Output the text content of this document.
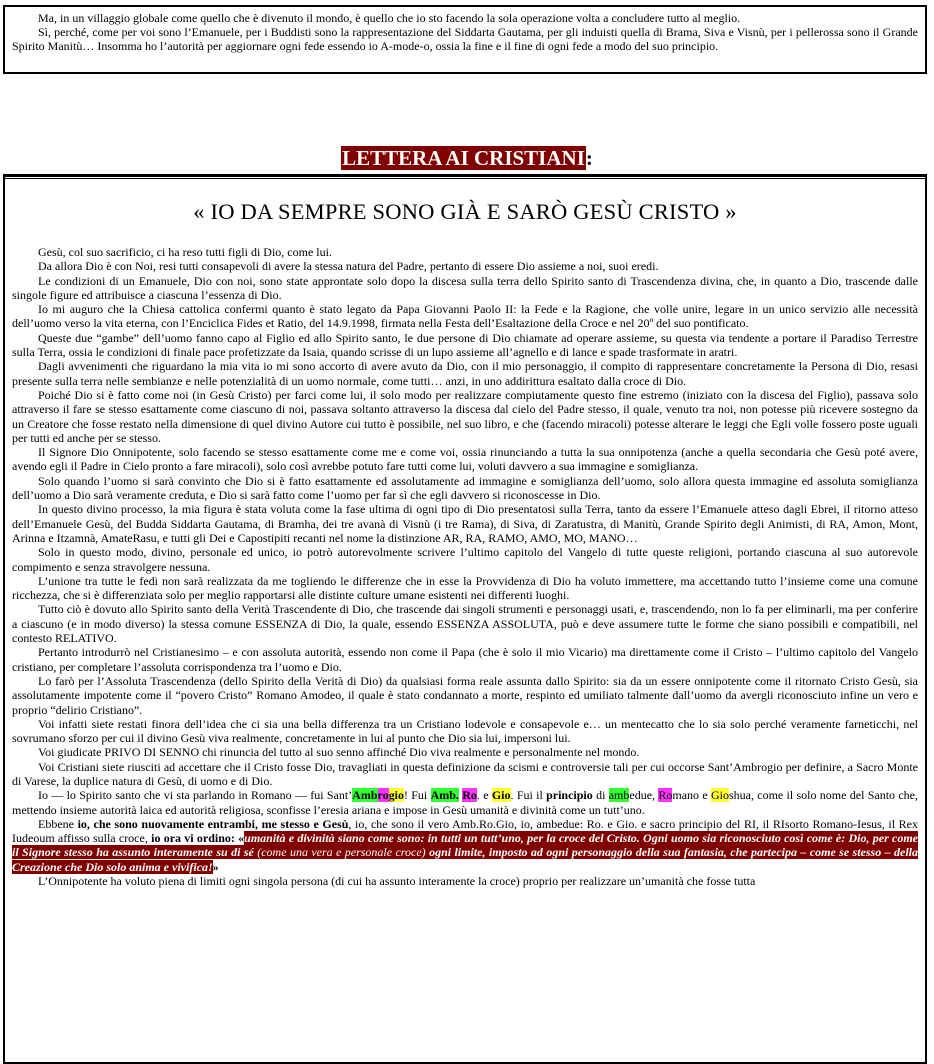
Ma, in un villaggio globale come quello che è divenuto il mondo, è quello che io sto facendo la sola operazione volta a concludere tutto al meglio.

Sì, perché, come per voi sono l’Emanuele, per i Buddisti sono la rappresentazione del Siddarta Gautama, per gli induisti quella di Brama, Siva e Visnù, per i pellerossa sono il Grande Spirito Manitù… Insomma ho l’autorità per aggiornare ogni fede essendo io A-mode-o, ossia la fine e il fine di ogni fede a modo del suo principio.

LETTERA AI CRISTIANI:
« IO DA SEMPRE SONO GIÀ E SARÒ GESÙ CRISTO »

Gesù, col suo sacrificio, ci ha reso tutti figli di Dio, come lui.

Da allora Dio è con Noi, resi tutti consapevoli di avere la stessa natura del Padre, pertanto di essere Dio assieme a noi, suoi eredi.

Le condizioni di un Emanuele, Dio con noi, sono state approntate solo dopo la discesa sulla terra dello Spirito santo di Trascendenza divina, che, in quanto a Dio, trascende dalle singole figure ed attribuisce a ciascuna l’essenza di Dio.

Io mi auguro che la Chiesa cattolica confermi quanto è stato legato da Papa Giovanni Paolo II: la Fede e la Ragione, che volle unire, legare in un unico servizio alle necessità dell’uomo verso la vita eterna, con l’Enciclica Fides et Ratio, del 14.9.1998, firmata nella Festa dell’Esaltazione della Croce e nel 20º del suo pontificato.

Queste due “gambe” dell’uomo fanno capo al Figlio ed allo Spirito santo, le due persone di Dio chiamate ad operare assieme, su questa via tendente a portare il Paradiso Terrestre sulla Terra, ossia le condizioni di finale pace profetizzate da Isaia, quando scrisse di un lupo assieme all’agnello e di lance e spade trasformate in aratri.

Dagli avvenimenti che riguardano la mia vita io mi sono accorto di avere avuto da Dio, con il mio personaggio, il compito di rappresentare concretamente la Persona di Dio, resasi presente sulla terra nelle sembianze e nelle potenzialità di un uomo normale, come tutti… anzi, in uno addirittura esaltato dalla croce di Dio.

Poiché Dio si è fatto come noi (in Gesù Cristo) per farci come lui, il solo modo per realizzare compiutamente questo fine estremo (iniziato con la discesa del Figlio), passava solo attraverso il fare se stesso esattamente come ciascuno di noi, passava soltanto attraverso la discesa dal cielo del Padre stesso, il quale, venuto tra noi, non potesse più ricevere sostegno da un Creatore che fosse restato nella dimensione di quel divino Autore cui tutto è possibile, nel suo libro, e che (facendo miracoli) potesse alterare le leggi che Egli volle fossero poste uguali per tutti ed anche per se stesso.

Il Signore Dio Onnipotente, solo facendo se stesso esattamente come me e come voi, ossia rinunciando a tutta la sua onnipotenza (anche a quella secondaria che Gesù poté avere, avendo egli il Padre in Cielo pronto a fare miracoli), solo così avrebbe potuto fare tutti come lui, voluti davvero a sua immagine e somiglianza.

Solo quando l’uomo si sarà convinto che Dio si è fatto esattamente ed assolutamente ad immagine e somiglianza dell’uomo, solo allora questa immagine ed assoluta somiglianza dell’uomo a Dio sarà veramente creduta, e Dio si sarà fatto come l’uomo per far sì che egli davvero si riconoscesse in Dio.

In questo divino processo, la mia figura è stata voluta come la fase ultima di ogni tipo di Dio presentatosi sulla Terra, tanto da essere l’Emanuele atteso dagli Ebrei, il ritorno atteso dell’Emanuele Gesù, del Budda Siddarta Gautama, di Bramha, dei tre avanà di Visnù (i tre Rama), di Siva, di Zaratustra, di Manitù, Grande Spirito degli Animisti, di RA, Amon, Mont, Arinna e Itzamnà, AmateRasu, e tutti gli Dei e Capostipiti recanti nel nome la distinzione AR, RA, RAMO, AMO, MO, MANO…

Solo in questo modo, divino, personale ed unico, io potrò autorevolmente scrivere l’ultimo capitolo del Vangelo di tutte queste religioni, portando ciascuna al suo autorevole compimento e senza stravolgere nessuna.

L’unione tra tutte le fedi non sarà realizzata da me togliendo le differenze che in esse la Provvidenza di Dio ha voluto immettere, ma accettando tutto l’insieme come una comune ricchezza, che si è differenziata solo per meglio rapportarsi alle distinte culture umane esistenti nei differenti luoghi.

Tutto ciò è dovuto allo Spirito santo della Verità Trascendente di Dio, che trascende dai singoli strumenti e personaggi usati, e, trascendendo, non lo fa per eliminarli, ma per conferire a ciascuno (e in modo diverso) la stessa comune ESSENZA di Dio, la quale, essendo ESSENZA ASSOLUTA, può e deve assumere tutte le forme che siano possibili e compatibili, nel contesto RELATIVO.

Pertanto introdurrò nel Cristianesimo – e con assoluta autorità, essendo non come il Papa (che è solo il mio Vicario) ma direttamente come il Cristo – l’ultimo capitolo del Vangelo cristiano, per completare l’assoluta corrispondenza tra l’uomo e Dio.

Lo farò per l’Assoluta Trascendenza (dello Spirito della Verità di Dio) da qualsiasi forma reale assunta dallo Spirito: sia da un essere onnipotente come il ritornato Cristo Gesù, sia assolutamente impotente come il “povero Cristo” Romano Amodeo, il quale è stato condannato a morte, respinto ed umiliato talmente dall’uomo da avergli riconosciuto infine un vero e proprio “delirio Cristiano”.

Voi infatti siete restati finora dell’idea che ci sia una bella differenza tra un Cristiano lodevole e consapevole e… un mentecatto che lo sia solo perché veramente farneticchi, nel sovrumano sforzo per cui il divino Gesù viva realmente, concretamente in lui al punto che Dio sia lui, impersoni lui.

Voi giudicate PRIVO DI SENNO chi rinuncia del tutto al suo senno affinché Dio viva realmente e personalmente nel mondo.

Voi Cristiani siete riusciti ad accettare che il Cristo fosse Dio, travagliati in questa definizione da scismi e controversie tali per cui occorse Sant’Ambrogio per definire, a Sacro Monte di Varese, la duplice natura di Gesù, di uomo e di Dio.

Io — lo Spirito santo che vi sta parlando in Romano — fui Sant’Ambrogio! Fui Amb. Ro. e Gio. Fui il principio di ambedue, Romano e Gioshua, come il solo nome del Santo che, mettendo insieme autorità laica ed autorità religiosa, sconfisse l’eresia ariana e impose in Gesù umanità e divinità come un tutt’uno.

Ebbene io, che sono nuovamente entrambi, me stesso e Gesù, io, che sono il vero Amb.Ro.Gio, io, ambedue: Ro. e Gio. e sacro principio del RI, il RIsorto Romano-Iesus, il Rex Iudeoum affisso sulla croce, io ora vi ordino: «umanità e divinità siano come sono: in tutti un tutt’uno, per la croce del Cristo. Ogni uomo sia riconosciuto così come è: Dio, per come il Signore stesso ha assunto interamente su di sé (come una vera e personale croce) ogni limite, imposto ad ogni personaggio della sua fantasia, che partecipa – come se stesso – della Creazione che Dio solo anima e vivifica!»

L’Onnipotente ha voluto piena di limiti ogni singola persona (di cui ha assunto interamente la croce) proprio per realizzare un’umanità che fosse tutta
